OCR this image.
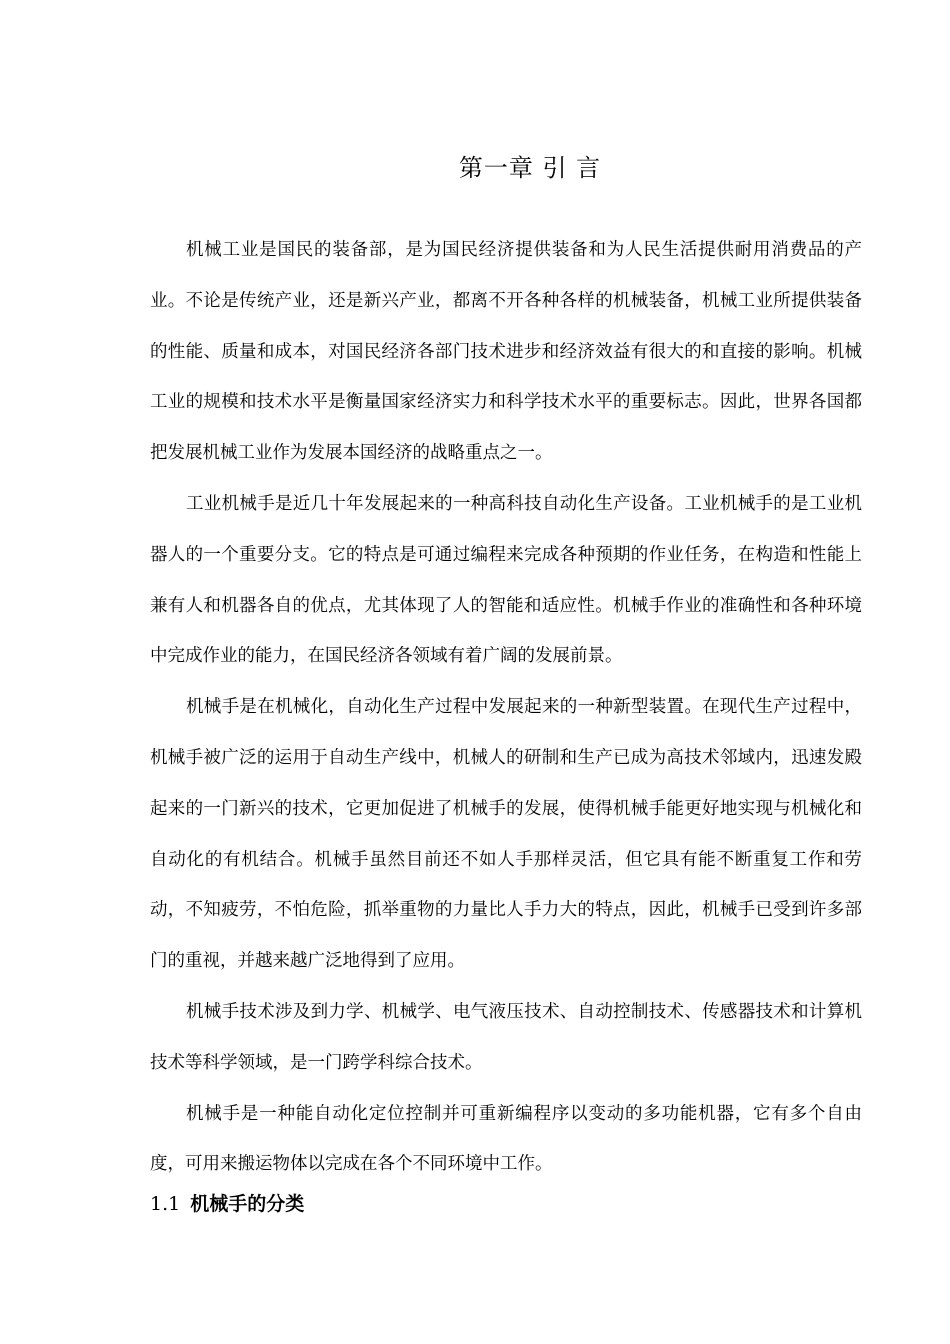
第一章 引 言

机械工业是国民的装备部，是为国民经济提供装备和为人民生活提供耐用消费品的产业。不论是传统产业，还是新兴产业，都离不开各种各样的机械装备，机械工业所提供装备的性能、质量和成本，对国民经济各部门技术进步和经济效益有很大的和直接的影响。机械工业的规模和技术水平是衡量国家经济实力和科学技术水平的重要标志。因此，世界各国都把发展机械工业作为发展本国经济的战略重点之一。

工业机械手是近几十年发展起来的一种高科技自动化生产设备。工业机械手的是工业机器人的一个重要分支。它的特点是可通过编程来完成各种预期的作业任务，在构造和性能上兼有人和机器各自的优点，尤其体现了人的智能和适应性。机械手作业的准确性和各种环境中完成作业的能力，在国民经济各领域有着广阔的发展前景。

机械手是在机械化，自动化生产过程中发展起来的一种新型装置。在现代生产过程中，机械手被广泛的运用于自动生产线中，机械人的研制和生产已成为高技术邻域内，迅速发殿起来的一门新兴的技术，它更加促进了机械手的发展，使得机械手能更好地实现与机械化和自动化的有机结合。机械手虽然目前还不如人手那样灵活，但它具有能不断重复工作和劳动，不知疲劳，不怕危险，抓举重物的力量比人手力大的特点，因此，机械手已受到许多部门的重视，并越来越广泛地得到了应用。

机械手技术涉及到力学、机械学、电气液压技术、自动控制技术、传感器技术和计算机技术等科学领域，是一门跨学科综合技术。

机械手是一种能自动化定位控制并可重新编程序以变动的多功能机器，它有多个自由度，可用来搬运物体以完成在各个不同环境中工作。

1.1 机械手的分类
